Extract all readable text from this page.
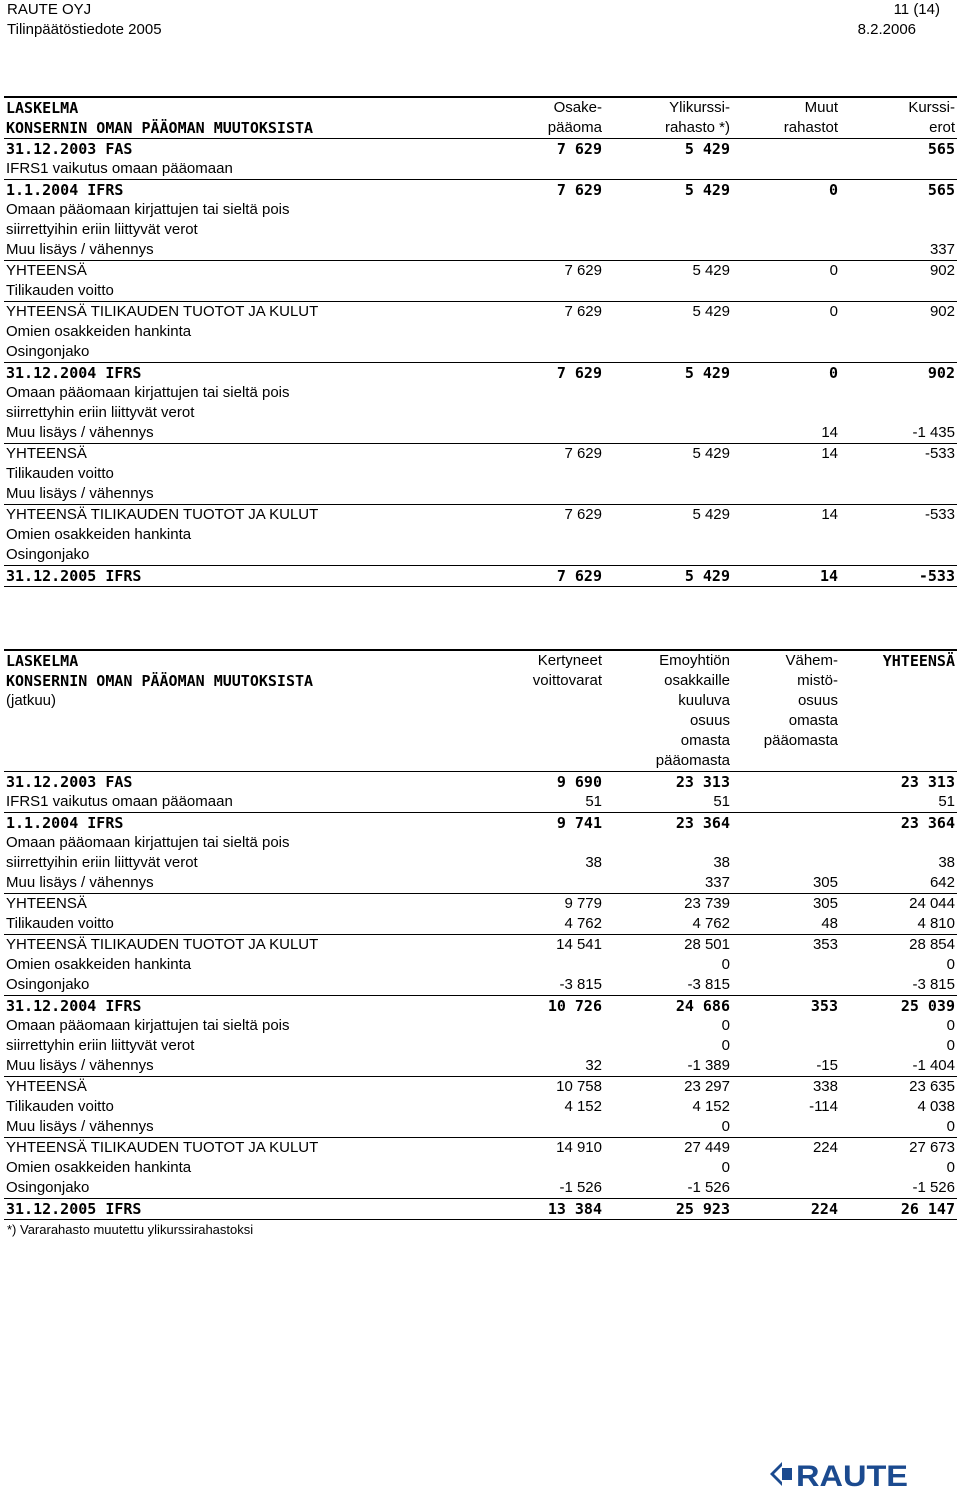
RAUTE OYJ
Tilinpäätöstiedote 2005
11 (14)
8.2.2006
LASKELMA	Osake-	Ylikurssi-	Muut	Kurssi-
KONSERNIN OMAN PÄÄOMAN MUUTOKSISTA	pääoma	rahasto *)	rahastot	erot
31.12.2003 FAS	7 629	5 429		565
IFRS1 vaikutus omaan pääomaan				
1.1.2004 IFRS	7 629	5 429	0	565
Omaan pääomaan kirjattujen tai sieltä pois				
siirrettyihin eriin liittyvät verot				
Muu lisäys / vähennys				337
YHTEENSÄ	7 629	5 429	0	902
Tilikauden voitto				
YHTEENSÄ TILIKAUDEN TUOTOT JA KULUT	7 629	5 429	0	902
Omien osakkeiden hankinta				
Osingonjako				
31.12.2004 IFRS	7 629	5 429	0	902
Omaan pääomaan kirjattujen tai sieltä pois				
siirrettyhin eriin liittyvät verot				
Muu lisäys / vähennys			14	-1 435
YHTEENSÄ	7 629	5 429	14	-533
Tilikauden voitto				
Muu lisäys / vähennys				
YHTEENSÄ TILIKAUDEN TUOTOT JA KULUT	7 629	5 429	14	-533
Omien osakkeiden hankinta				
Osingonjako				
31.12.2005 IFRS	7 629	5 429	14	-533
LASKELMA	Kertyneet	Emoyhtiön	Vähem-	YHTEENSÄ
KONSERNIN OMAN PÄÄOMAN MUUTOKSISTA	voittovarat	osakkaille	mistö-	
(jatkuu)		kuuluva	osuus	
		osuus	omasta	
		omasta	pääomasta	
		pääomasta		
31.12.2003 FAS	9 690	23 313		23 313
IFRS1 vaikutus omaan pääomaan	51	51		51
1.1.2004 IFRS	9 741	23 364		23 364
Omaan pääomaan kirjattujen tai sieltä pois				
siirrettyihin eriin liittyvät verot	38	38		38
Muu lisäys / vähennys		337	305	642
YHTEENSÄ	9 779	23 739	305	24 044
Tilikauden voitto	4 762	4 762	48	4 810
YHTEENSÄ TILIKAUDEN TUOTOT JA KULUT	14 541	28 501	353	28 854
Omien osakkeiden hankinta		0		0
Osingonjako	-3 815	-3 815		-3 815
31.12.2004 IFRS	10 726	24 686	353	25 039
Omaan pääomaan kirjattujen tai sieltä pois		0		0
siirrettyhin eriin liittyvät verot		0		0
Muu lisäys / vähennys	32	-1 389	-15	-1 404
YHTEENSÄ	10 758	23 297	338	23 635
Tilikauden voitto	4 152	4 152	-114	4 038
Muu lisäys / vähennys		0		0
YHTEENSÄ TILIKAUDEN TUOTOT JA KULUT	14 910	27 449	224	27 673
Omien osakkeiden hankinta		0		0
Osingonjako	-1 526	-1 526		-1 526
31.12.2005 IFRS	13 384	25 923	224	26 147
*) Vararahasto muutettu ylikurssirahastoksi
RAUTE
